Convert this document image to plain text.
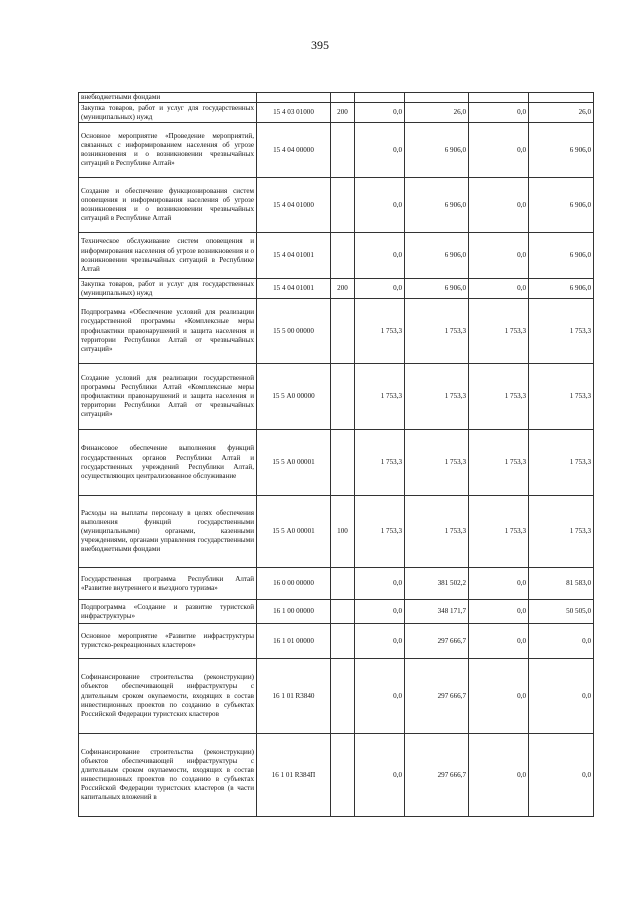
395
внебюджетными фондами						
Закупка товаров, работ и услуг для государственных (муниципальных) нужд	15 4 03 01000	200	0,0	26,0	0,0	26,0
Основное мероприятие «Проведение мероприятий, связанных с информированием населения об угрозе возникновения и о возникновении чрезвычайных ситуаций в Республике Алтай»	15 4 04 00000		0,0	6 906,0	0,0	6 906,0
Создание и обеспечение функционирования систем оповещения и информирования населения об угрозе возникновения и о возникновении чрезвычайных ситуаций в Республике Алтай	15 4 04 01000		0,0	6 906,0	0,0	6 906,0
Техническое обслуживание систем оповещения и информирования населения об угрозе возникновения и о возникновении чрезвычайных ситуаций в Республике Алтай	15 4 04 01001		0,0	6 906,0	0,0	6 906,0
Закупка товаров, работ и услуг для государственных (муниципальных) нужд	15 4 04 01001	200	0,0	6 906,0	0,0	6 906,0
Подпрограмма «Обеспечение условий для реализации государственной программы «Комплексные меры профилактики правонарушений и защита населения и территории Республики Алтай от чрезвычайных ситуаций»	15 5 00 00000		1 753,3	1 753,3	1 753,3	1 753,3
Создание условий для реализации государственной программы Республики Алтай «Комплексные меры профилактики правонарушений и защита населения и территории Республики Алтай от чрезвычайных ситуаций»	15 5 А0 00000		1 753,3	1 753,3	1 753,3	1 753,3
Финансовое обеспечение выполнения функций государственных органов Республики Алтай и государственных учреждений Республики Алтай, осуществляющих централизованное обслуживание	15 5 А0 00001		1 753,3	1 753,3	1 753,3	1 753,3
Расходы на выплаты персоналу в целях обеспечения выполнения функций государственными (муниципальными) органами, казенными учреждениями, органами управления государственными внебюджетными фондами	15 5 А0 00001	100	1 753,3	1 753,3	1 753,3	1 753,3
Государственная программа Республики Алтай «Развитие внутреннего и въездного туризма»	16 0 00 00000		0,0	381 502,2	0,0	81 583,0
Подпрограмма «Создание и развитие туристской инфраструктуры»	16 1 00 00000		0,0	348 171,7	0,0	50 505,0
Основное мероприятие «Развитие инфраструктуры туристско-рекреационных кластеров»	16 1 01 00000		0,0	297 666,7	0,0	0,0
Софинансирование строительства (реконструкции) объектов обеспечивающей инфраструктуры с длительным сроком окупаемости, входящих в состав инвестиционных проектов по созданию в субъектах Российской Федерации туристских кластеров	16 1 01 R3840		0,0	297 666,7	0,0	0,0
Софинансирование строительства (реконструкции) объектов обеспечивающей инфраструктуры с длительным сроком окупаемости, входящих в состав инвестиционных проектов по созданию в субъектах Российской Федерации туристских кластеров (в части капитальных вложений в	16 1 01 R384П		0,0	297 666,7	0,0	0,0
